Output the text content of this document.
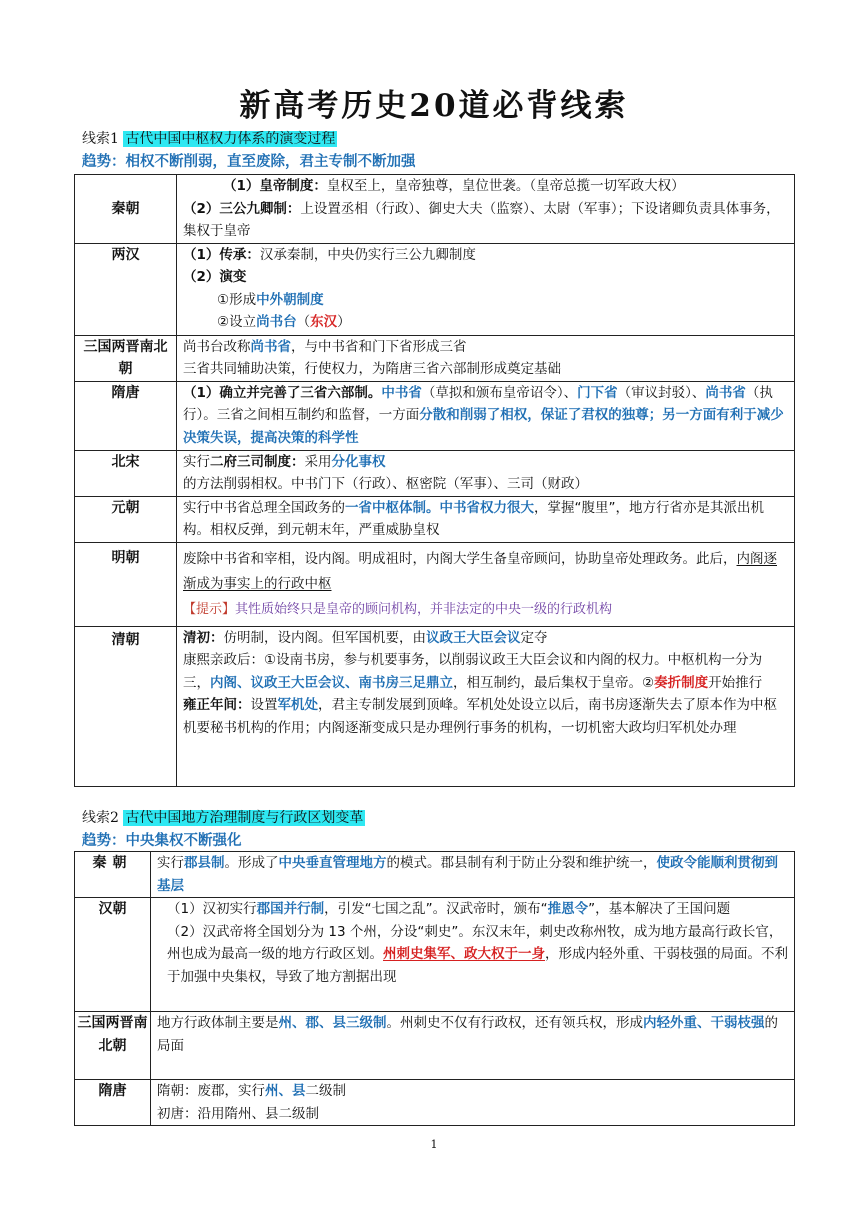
新高考历史20道必背线索
线索1 古代中国中枢权力体系的演变过程
趋势：相权不断削弱，直至废除，君主专制不断加强
秦朝	（1）皇帝制度：皇权至上，皇帝独尊，皇位世袭。（皇帝总揽一切军政大权）
（2）三公九卿制：上设置丞相（行政）、御史大夫（监察）、太尉（军事）；下设诸卿负责具体事务，集权于皇帝

两汉	（1）传承：汉承秦制，中央仍实行三公九卿制度
（2）演变
①形成中外朝制度
②设立尚书台（东汉）

三国两晋南北朝	尚书台改称尚书省，与中书省和门下省形成三省
三省共同辅助决策，行使权力，为隋唐三省六部制形成奠定基础

隋唐	（1）确立并完善了三省六部制。中书省（草拟和颁布皇帝诏令）、门下省（审议封驳）、尚书省（执行）。三省之间相互制约和监督，一方面分散和削弱了相权，保证了君权的独尊；另一方面有利于减少决策失误，提高决策的科学性
北宋	实行二府三司制度：采用分化事权的方法削弱相权。中书门下（行政）、枢密院（军事）、三司（财政）
元朝	实行中书省总理全国政务的一省中枢体制。中书省权力很大，掌握“腹里”，地方行省亦是其派出机构。相权反弹，到元朝末年，严重威胁皇权
明朝	废除中书省和宰相，设内阁。明成祖时，内阁大学生备皇帝顾问，协助皇帝处理政务。此后，内阁逐渐成为事实上的行政中枢
【提示】其性质始终只是皇帝的顾问机构，并非法定的中央一级的行政机构

清朝	清初：仿明制，设内阁。但军国机要，由议政王大臣会议定夺
康熙亲政后：①设南书房，参与机要事务，以削弱议政王大臣会议和内阁的权力。中枢机构一分为三，内阁、议政王大臣会议、南书房三足鼎立，相互制约，最后集权于皇帝。②奏折制度开始推行
雍正年间：设置军机处，君主专制发展到顶峰。军机处处设立以后，南书房逐渐失去了原本作为中枢机要秘书机构的作用；内阁逐渐变成只是办理例行事务的机构，一切机密大政均归军机处办理
线索2 古代中国地方治理制度与行政区划变革
趋势：中央集权不断强化
秦朝	实行郡县制。形成了中央垂直管理地方的模式。郡县制有利于防止分裂和维护统一，使政令能顺利贯彻到基层
汉朝	（1）汉初实行郡国并行制，引发“七国之乱”。汉武帝时，颁布“推恩令”，基本解决了王国问题
（2）汉武帝将全国划分为 13 个州，分设“刺史”。东汉末年，刺史改称州牧，成为地方最高行政长官，州也成为最高一级的地方行政区划。州刺史集军、政大权于一身，形成内轻外重、干弱枝强的局面。不利于加强中央集权，导致了地方割据出现

三国两晋南北朝	地方行政体制主要是州、郡、县三级制。州刺史不仅有行政权，还有领兵权，形成内轻外重、干弱枝强的局面
隋唐	隋朝：废郡，实行州、县二级制
初唐：沿用隋州、县二级制
1
